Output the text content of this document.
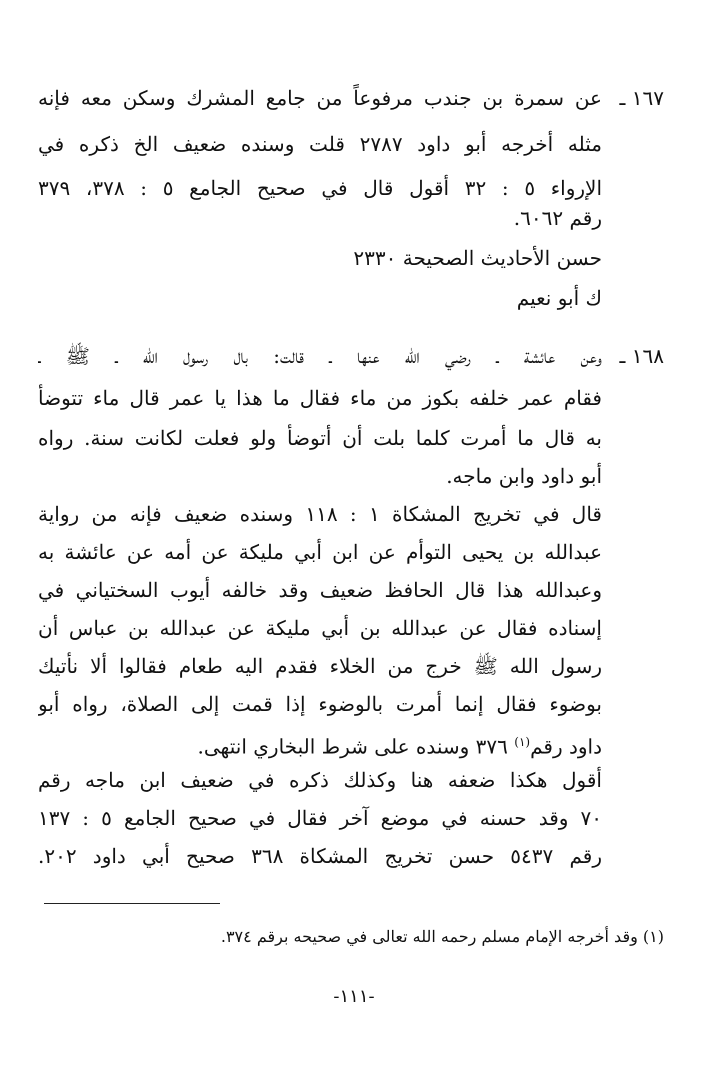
١٦٧ ـ
عن سمرة بن جندب مرفوعاً من جامع المشرك وسكن معه فإنه
مثله أخرجه أبو داود ٢٧٨٧ قلت وسنده ضعيف الخ ذكره في
الإرواء ٥ : ٣٢ أقول قال في صحيح الجامع ٥ : ٣٧٨، ٣٧٩
رقم ٦٠٦٢.
حسن الأحاديث الصحيحة ٢٣٣٠
ك أبو نعيم
١٦٨ ـ
وعن عائشة ـ رضي الله عنها ـ قالت: بال رسول الله ـ ﷺ ـ
فقام عمر خلفه بكوز من ماء فقال ما هذا يا عمر قال ماء تتوضأ
به قال ما أمرت كلما بلت أن أتوضأ ولو فعلت لكانت سنة. رواه
أبو داود وابن ماجه.
قال في تخريج المشكاة ١ : ١١٨ وسنده ضعيف فإنه من رواية
عبدالله بن يحيى التوأم عن ابن أبي مليكة عن أمه عن عائشة به
وعبدالله هذا قال الحافظ ضعيف وقد خالفه أيوب السختياني في
إسناده فقال عن عبدالله بن أبي مليكة عن عبدالله بن عباس أن
رسول الله ﷺ خرج من الخلاء فقدم اليه طعام فقالوا ألا نأتيك
بوضوء فقال إنما أمرت بالوضوء إذا قمت إلى الصلاة، رواه أبو
داود رقم$^{(١)}$ ٣٧٦ وسنده على شرط البخاري انتهى.
أقول هكذا ضعفه هنا وكذلك ذكره في ضعيف ابن ماجه رقم
٧٠ وقد حسنه في موضع آخر فقال في صحيح الجامع ٥ : ١٣٧
رقم ٥٤٣٧ حسن تخريج المشكاة ٣٦٨ صحيح أبي داود ٢٠٢.
(١) وقد أخرجه الإمام مسلم رحمه الله تعالى في صحيحه برقم ٣٧٤.
-١١١-
